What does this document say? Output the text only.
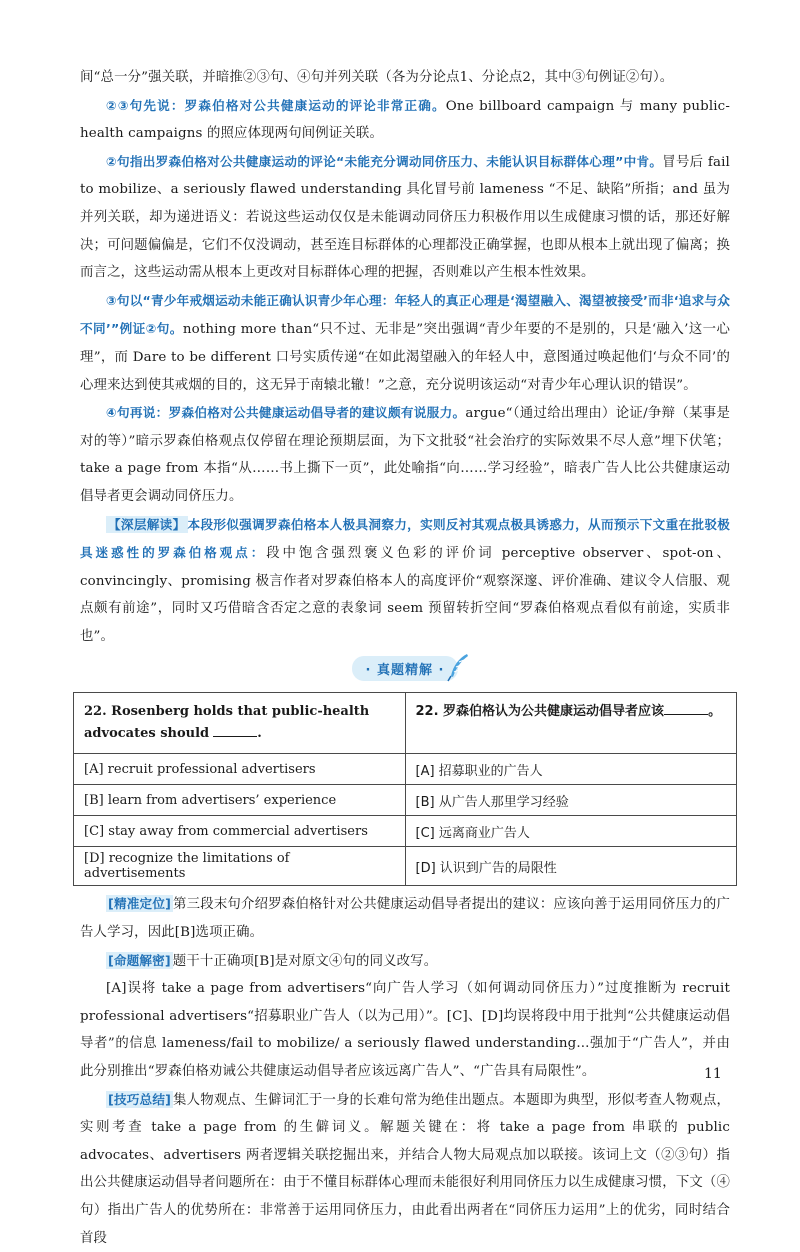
间“总一分”强关联，并暗推②③句、④句并列关联（各为分论点1、分论点2，其中③句例证②句）。

②③句先说：罗森伯格对公共健康运动的评论非常正确。One billboard campaign 与 many public-health campaigns 的照应体现两句间例证关联。

②句指出罗森伯格对公共健康运动的评论“未能充分调动同侪压力、未能认识目标群体心理”中肯。冒号后 fail to mobilize、a seriously flawed understanding 具化冒号前 lameness “不足、缺陷”所指；and 虽为并列关联，却为递进语义：若说这些运动仅仅是未能调动同侪压力积极作用以生成健康习惯的话，那还好解决；可问题偏偏是，它们不仅没调动，甚至连目标群体的心理都没正确掌握，也即从根本上就出现了偏离；换而言之，这些运动需从根本上更改对目标群体心理的把握，否则难以产生根本性效果。

③句以“青少年戒烟运动未能正确认识青少年心理：年轻人的真正心理是‘渴望融入、渴望被接受’而非‘追求与众不同’”例证②句。nothing more than“只不过、无非是”突出强调“青少年要的不是别的，只是‘融入’这一心理”，而 Dare to be different 口号实质传递“在如此渴望融入的年轻人中，意图通过唤起他们‘与众不同’的心理来达到使其戒烟的目的，这无异于南辕北辙！”之意，充分说明该运动“对青少年心理认识的错误”。

④句再说：罗森伯格对公共健康运动倡导者的建议颇有说服力。argue“（通过给出理由）论证/争辩（某事是对的等）”暗示罗森伯格观点仅停留在理论预期层面，为下文批驳“社会治疗的实际效果不尽人意”埋下伏笔；take a page from 本指“从……书上撕下一页”，此处喻指“向……学习经验”，暗表广告人比公共健康运动倡导者更会调动同侪压力。

【深层解读】 本段形似强调罗森伯格本人极具洞察力，实则反衬其观点极具诱惑力，从而预示下文重在批驳极具迷惑性的罗森伯格观点：段中饱含强烈褒义色彩的评价词 perceptive observer、spot-on、convincingly、promising 极言作者对罗森伯格本人的高度评价“观察深邃、评价准确、建议令人信服、观点颇有前途”，同时又巧借暗含否定之意的表象词 seem 预留转折空间“罗森伯格观点看似有前途，实质非也”。

· 真题精解 ·
22. Rosenberg holds that public-health advocates should .	22. 罗森伯格认为公共健康运动倡导者应该 。
[A] recruit professional advertisers	[A] 招募职业的广告人
[B] learn from advertisers’ experience	[B] 从广告人那里学习经验
[C] stay away from commercial advertisers	[C] 远离商业广告人
[D] recognize the limitations of advertisements	[D] 认识到广告的局限性

[精准定位] 第三段末句介绍罗森伯格针对公共健康运动倡导者提出的建议：应该向善于运用同侪压力的广告人学习，因此[B]选项正确。

[命题解密] 题干十正确项[B]是对原文④句的同义改写。

[A]误将 take a page from advertisers“向广告人学习（如何调动同侪压力）”过度推断为 recruit professional advertisers“招募职业广告人（以为己用）”。[C]、[D]均误将段中用于批判“公共健康运动倡导者”的信息 lameness/fail to mobilize/ a seriously flawed understanding...强加于“广告人”，并由此分别推出“罗森伯格劝诫公共健康运动倡导者应该远离广告人”、“广告具有局限性”。

[技巧总结] 集人物观点、生僻词汇于一身的长难句常为绝佳出题点。本题即为典型，形似考查人物观点，实则考查 take a page from 的生僻词义。解题关键在：将 take a page from 串联的 public advocates、advertisers 两者逻辑关联挖掘出来，并结合人物大局观点加以联接。该词上文（②③句）指出公共健康运动倡导者问题所在：由于不懂目标群体心理而未能很好利用同侪压力以生成健康习惯，下文（④句）指出广告人的优势所在：非常善于运用同侪压力，由此看出两者在“同侪压力运用”上的优劣，同时结合首段

11
